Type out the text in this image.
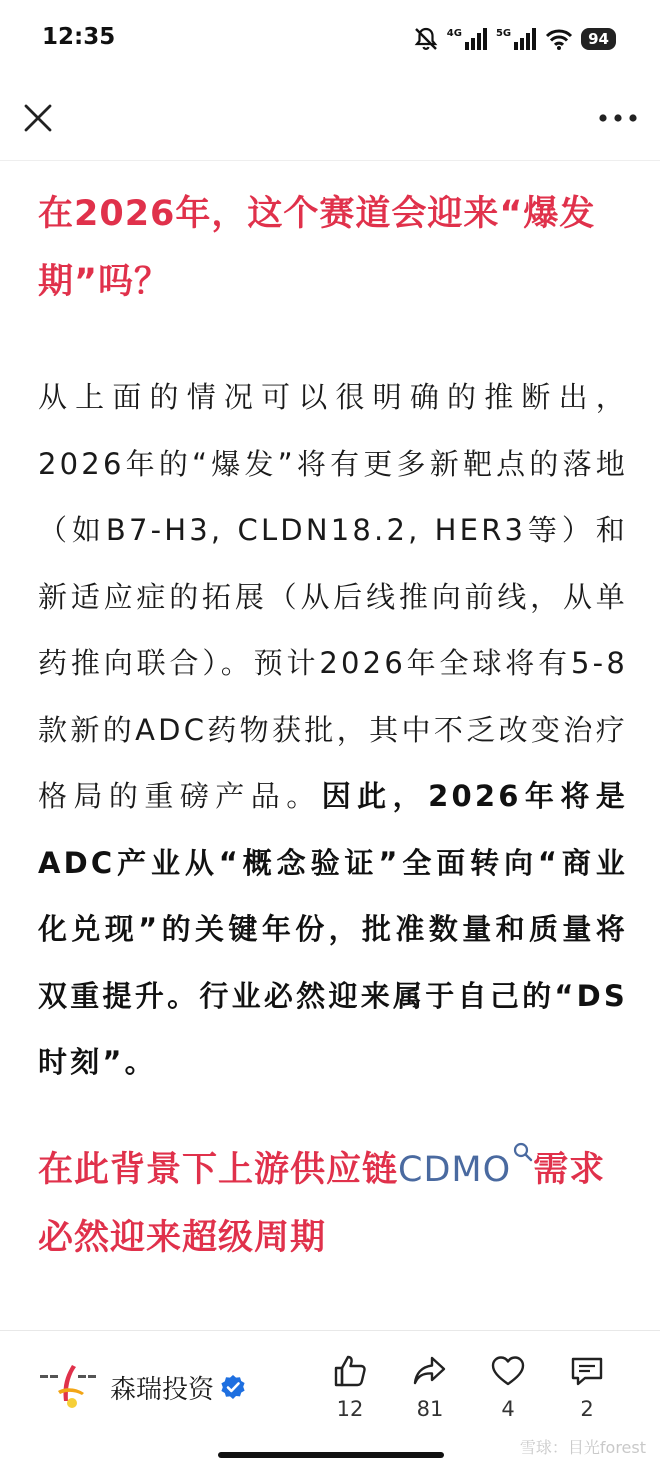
12:35	4G	5G	94
在2026年，这个赛道会迎来“爆发期”吗？

从上面的情况可以很明确的推断出，2026年的“爆发”将有更多新靶点的落地（如B7-H3, CLDN18.2, HER3等）和新适应症的拓展（从后线推向前线，从单药推向联合）。预计2026年全球将有5-8款新的ADC药物获批，其中不乏改变治疗格局的重磅产品。因此，2026年将是ADC产业从“概念验证”全面转向“商业化兑现”的关键年份，批准数量和质量将双重提升。行业必然迎来属于自己的“DS时刻”。

在此背景下上游供应链CDMO 需求必然迎来超级周期
森瑞投资
12	81	4	2
雪球：目光forest
